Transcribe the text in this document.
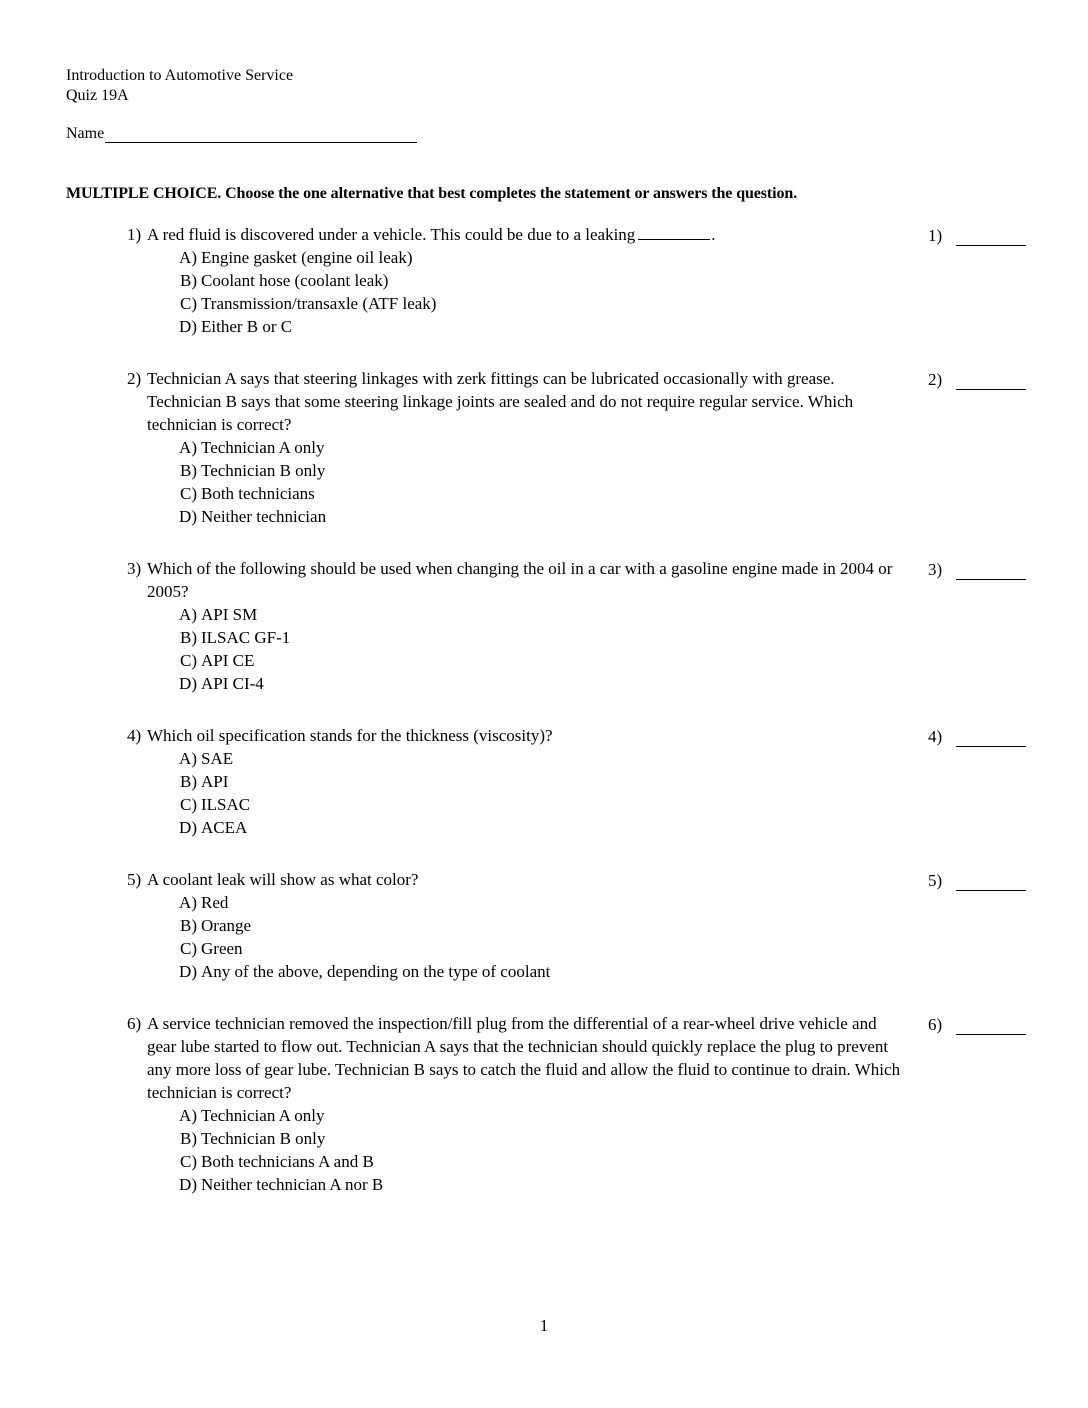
Introduction to Automotive Service
Quiz 19A
Name
MULTIPLE CHOICE. Choose the one alternative that best completes the statement or answers the question.
1) A red fluid is discovered under a vehicle. This could be due to a leaking	.
A) Engine gasket (engine oil leak)
B) Coolant hose (coolant leak)
C) Transmission/transaxle (ATF leak)
D) Either B or C
1)
2) Technician A says that steering linkages with zerk fittings can be lubricated occasionally with grease. Technician B says that some steering linkage joints are sealed and do not require regular service. Which technician is correct?
A) Technician A only
B) Technician B only
C) Both technicians
D) Neither technician
2)
3) Which of the following should be used when changing the oil in a car with a gasoline engine made in 2004 or 2005?
A) API SM
B) ILSAC GF-1
C) API CE
D) API CI-4
3)
4) Which oil specification stands for the thickness (viscosity)?
A) SAE
B) API
C) ILSAC
D) ACEA
4)
5) A coolant leak will show as what color?
A) Red
B) Orange
C) Green
D) Any of the above, depending on the type of coolant
5)
6) A service technician removed the inspection/fill plug from the differential of a rear-wheel drive vehicle and gear lube started to flow out. Technician A says that the technician should quickly replace the plug to prevent any more loss of gear lube. Technician B says to catch the fluid and allow the fluid to continue to drain. Which technician is correct?
A) Technician A only
B) Technician B only
C) Both technicians A and B
D) Neither technician A nor B
6)
1
